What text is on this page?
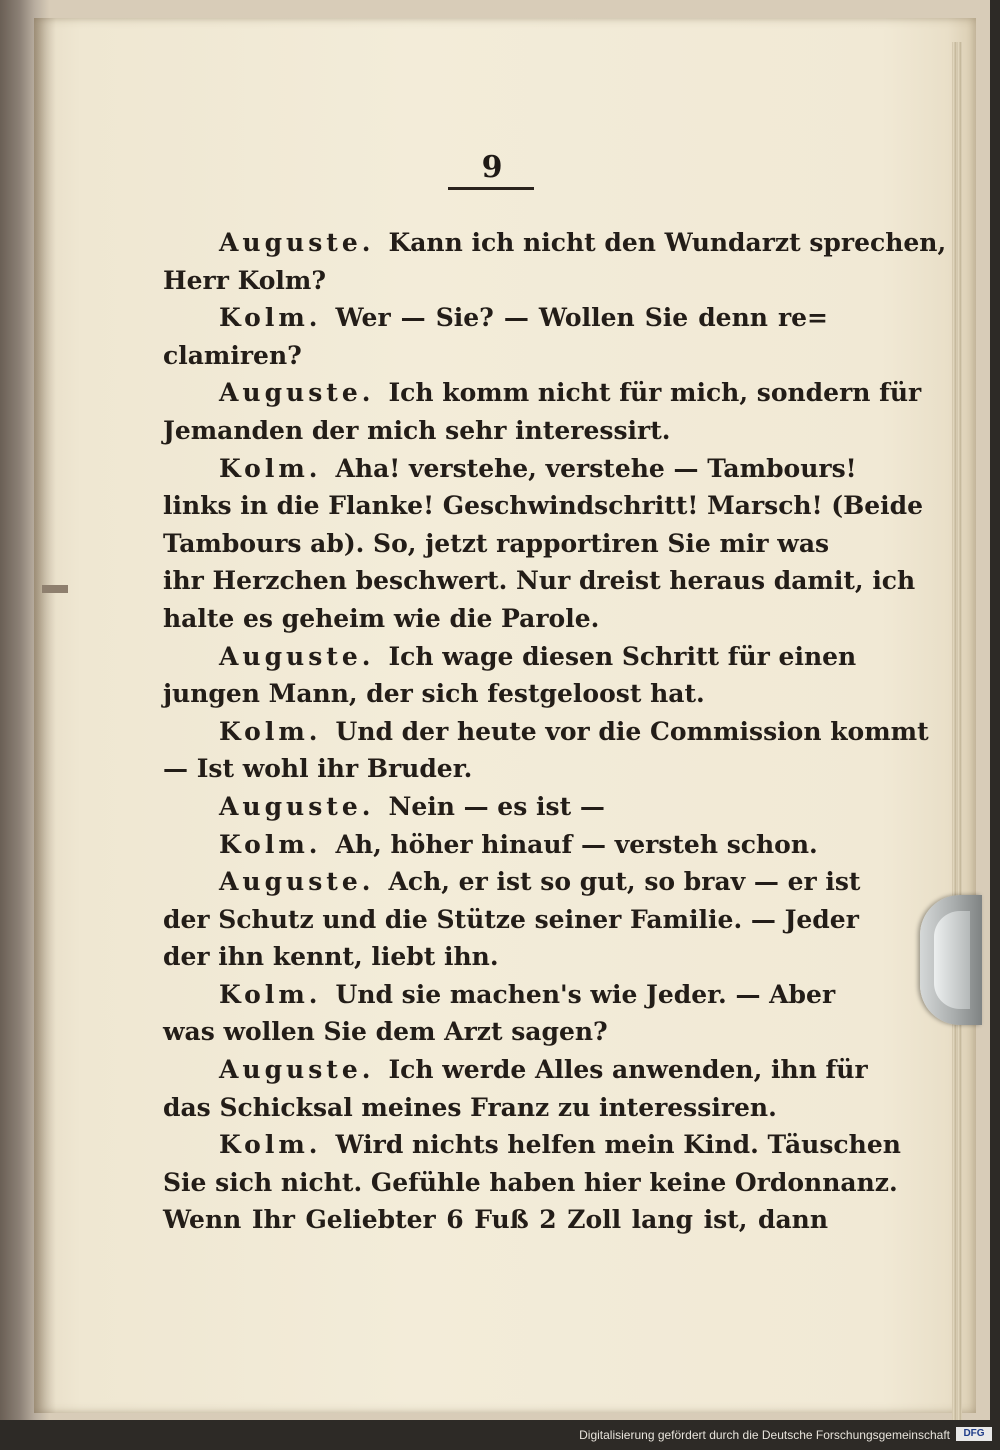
9
Auguste. Kann ich nicht den Wundarzt sprechen,
Herr Kolm?
Kolm. Wer — Sie? — Wollen Sie denn re=
clamiren?
Auguste. Ich komm nicht für mich, sondern für
Jemanden der mich sehr interessirt.
Kolm. Aha! verstehe, verstehe — Tambours!
links in die Flanke! Geschwindschritt! Marsch! (Beide
Tambours ab). So, jetzt rapportiren Sie mir was
ihr Herzchen beschwert. Nur dreist heraus damit, ich
halte es geheim wie die Parole.
Auguste. Ich wage diesen Schritt für einen
jungen Mann, der sich festgeloost hat.
Kolm. Und der heute vor die Commission kommt
— Ist wohl ihr Bruder.
Auguste. Nein — es ist —
Kolm. Ah, höher hinauf — versteh schon.
Auguste. Ach, er ist so gut, so brav — er ist
der Schutz und die Stütze seiner Familie. — Jeder
der ihn kennt, liebt ihn.
Kolm. Und sie machen's wie Jeder. — Aber
was wollen Sie dem Arzt sagen?
Auguste. Ich werde Alles anwenden, ihn für
das Schicksal meines Franz zu interessiren.
Kolm. Wird nichts helfen mein Kind. Täuschen
Sie sich nicht. Gefühle haben hier keine Ordonnanz.
Wenn Ihr Geliebter 6 Fuß 2 Zoll lang ist, dann
Digitalisierung gefördert durch die Deutsche Forschungsgemeinschaft	DFG
